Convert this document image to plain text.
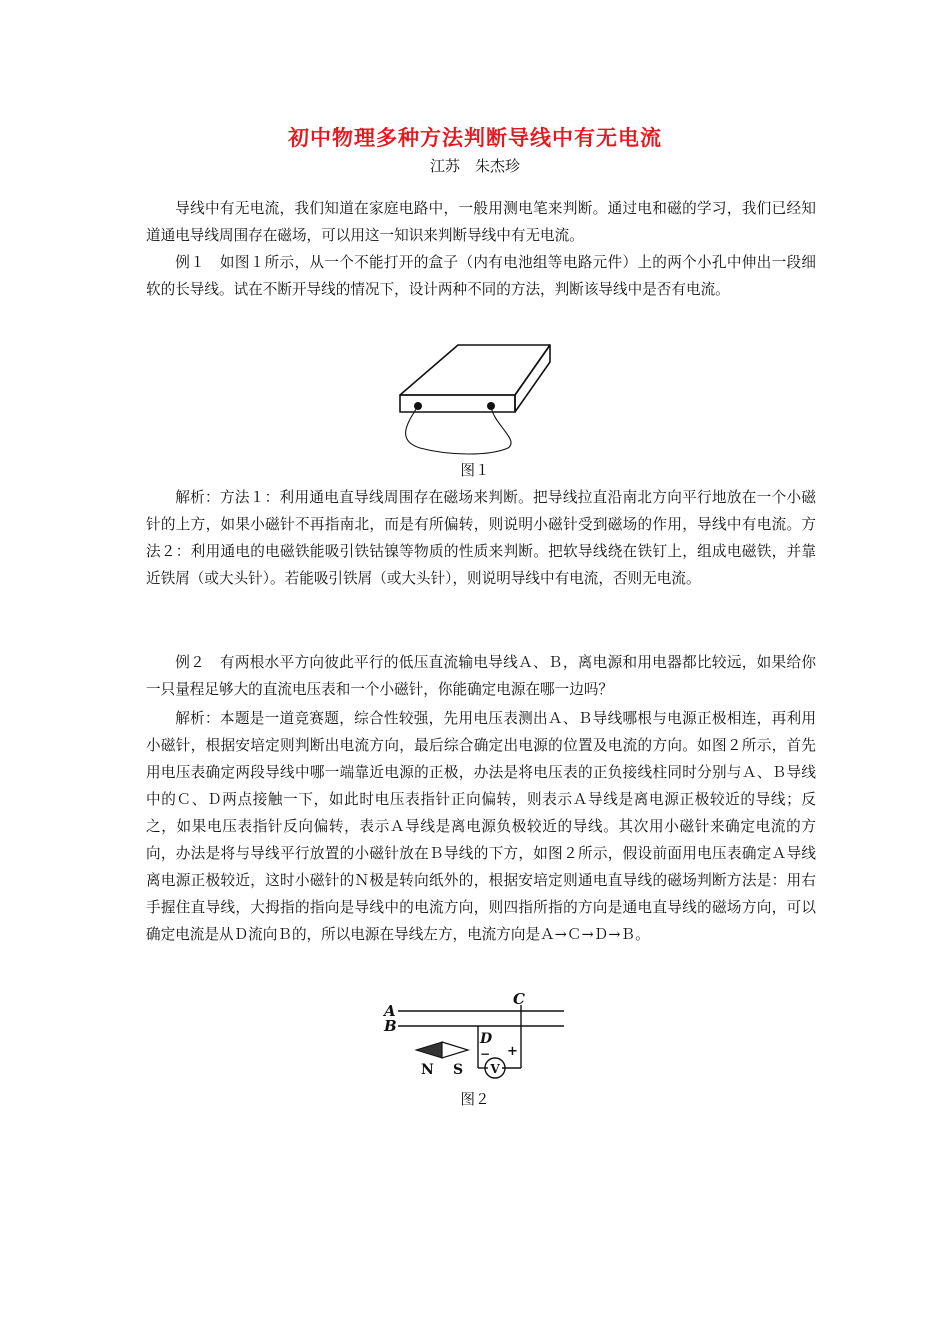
初中物理多种方法判断导线中有无电流
江苏　朱杰珍

导线中有无电流，我们知道在家庭电路中，一般用测电笔来判断。通过电和磁的学习，我们已经知道通电导线周围存在磁场，可以用这一知识来判断导线中有无电流。

例１　如图１所示，从一个不能打开的盒子（内有电池组等电路元件）上的两个小孔中伸出一段细软的长导线。试在不断开导线的情况下，设计两种不同的方法，判断该导线中是否有电流。

图１

解析：方法１：利用通电直导线周围存在磁场来判断。把导线拉直沿南北方向平行地放在一个小磁针的上方，如果小磁针不再指南北，而是有所偏转，则说明小磁针受到磁场的作用，导线中有电流。方法２：利用通电的电磁铁能吸引铁钴镍等物质的性质来判断。把软导线绕在铁钉上，组成电磁铁，并靠近铁屑（或大头针）。若能吸引铁屑（或大头针），则说明导线中有电流，否则无电流。

例２　有两根水平方向彼此平行的低压直流输电导线Ａ、Ｂ，离电源和用电器都比较远，如果给你一只量程足够大的直流电压表和一个小磁针，你能确定电源在哪一边吗？

解析：本题是一道竞赛题，综合性较强，先用电压表测出Ａ、Ｂ导线哪根与电源正极相连，再利用小磁针，根据安培定则判断出电流方向，最后综合确定出电源的位置及电流的方向。如图２所示，首先用电压表确定两段导线中哪一端靠近电源的正极，办法是将电压表的正负接线柱同时分别与Ａ、Ｂ导线中的Ｃ、Ｄ两点接触一下，如此时电压表指针正向偏转，则表示Ａ导线是离电源正极较近的导线；反之，如果电压表指针反向偏转，表示Ａ导线是离电源负极较近的导线。其次用小磁针来确定电流的方向，办法是将与导线平行放置的小磁针放在Ｂ导线的下方，如图２所示，假设前面用电压表确定Ａ导线离电源正极较近，这时小磁针的Ｎ极是转向纸外的，根据安培定则通电直导线的磁场判断方法是：用右手握住直导线，大拇指的指向是导线中的电流方向，则四指所指的方向是通电直导线的磁场方向，可以确定电流是从Ｄ流向Ｂ的，所以电源在导线左方，电流方向是Ａ→Ｃ→Ｄ→Ｂ。

A
B
C
D
− +
N S V
图２
